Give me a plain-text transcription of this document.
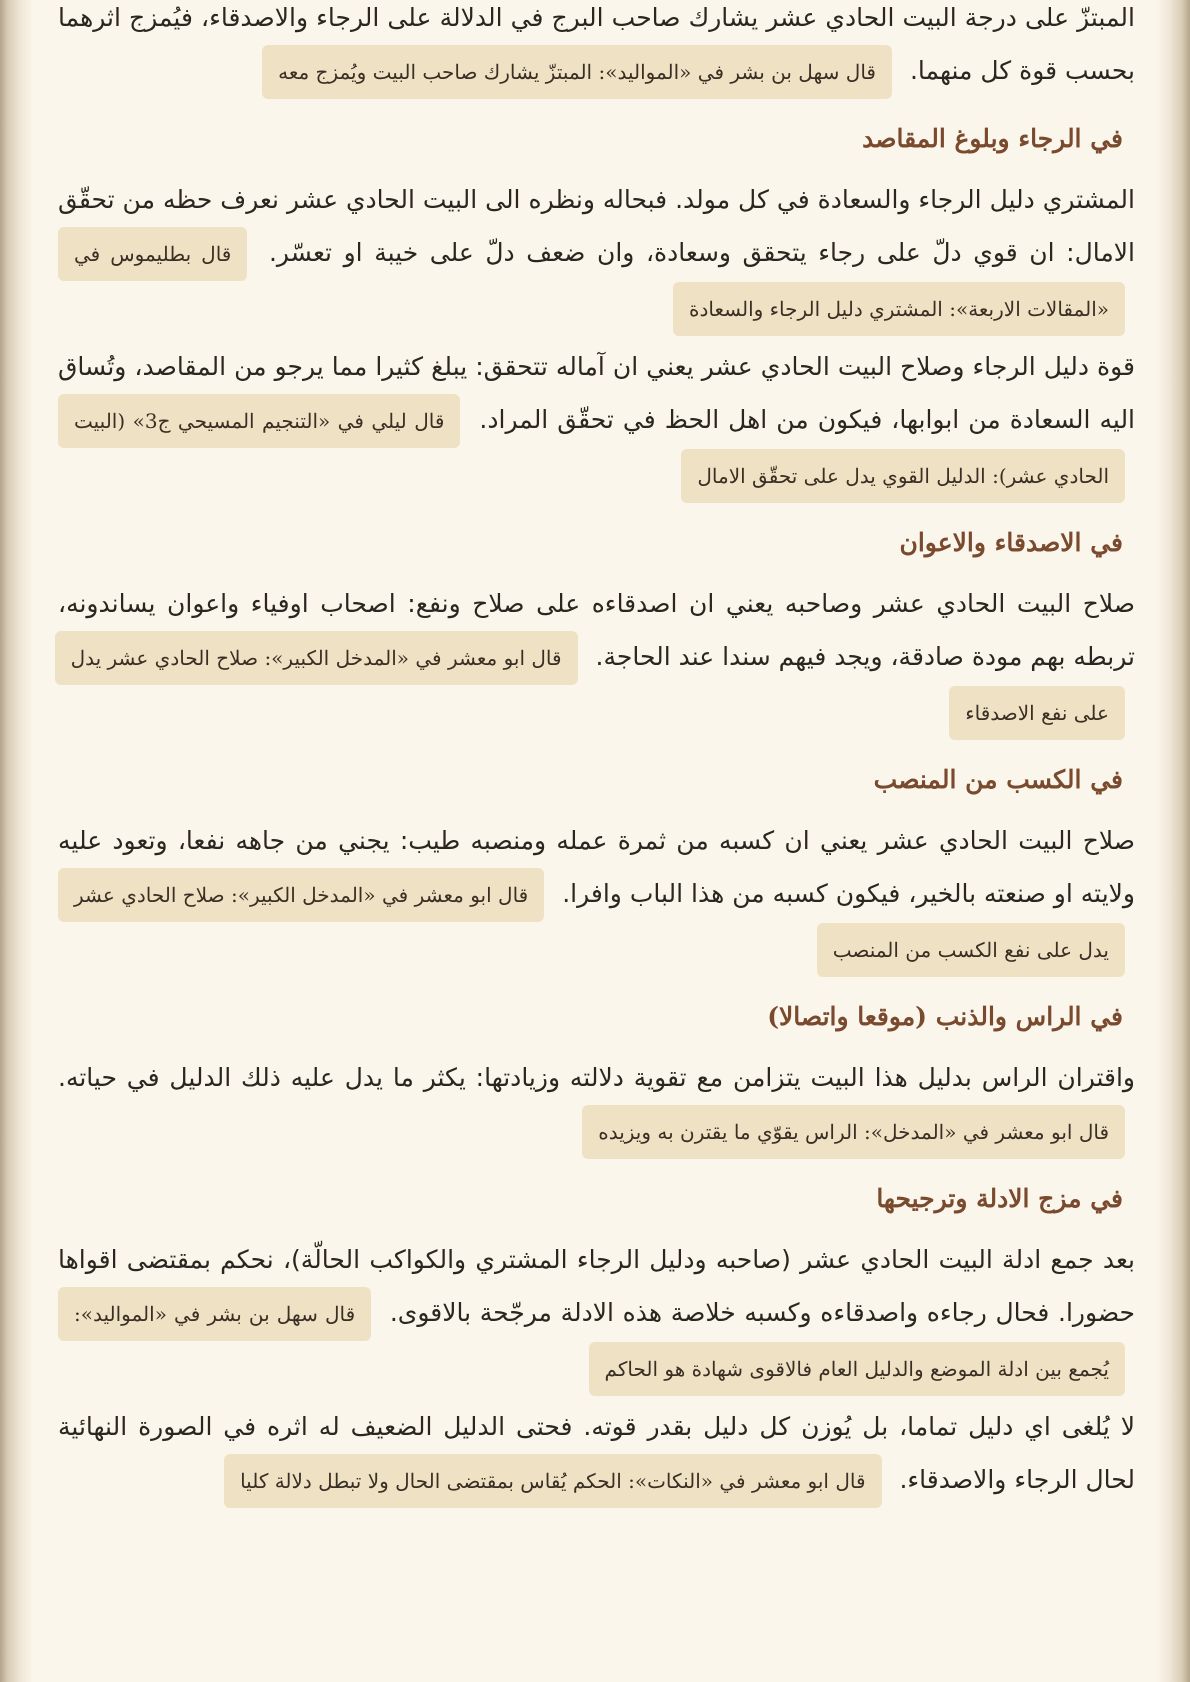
المبتزّ على درجة البيت الحادي عشر يشارك صاحب البرج في الدلالة على الرجاء والاصدقاء، فيُمزج اثرهما بحسب قوة كل منهما. قال سهل بن بشر في «المواليد»: المبتزّ يشارك صاحب البيت ويُمزج معه

في الرجاء وبلوغ المقاصد

المشتري دليل الرجاء والسعادة في كل مولد. فبحاله ونظره الى البيت الحادي عشر نعرف حظه من تحقّق الامال: ان قوي دلّ على رجاء يتحقق وسعادة، وان ضعف دلّ على خيبة او تعسّر. قال بطليموس في «المقالات الاربعة»: المشتري دليل الرجاء والسعادة

قوة دليل الرجاء وصلاح البيت الحادي عشر يعني ان آماله تتحقق: يبلغ كثيرا مما يرجو من المقاصد، وتُساق اليه السعادة من ابوابها، فيكون من اهل الحظ في تحقّق المراد. قال ليلي في «التنجيم المسيحي ج3» (البيت الحادي عشر): الدليل القوي يدل على تحقّق الامال

في الاصدقاء والاعوان

صلاح البيت الحادي عشر وصاحبه يعني ان اصدقاءه على صلاح ونفع: اصحاب اوفياء واعوان يساندونه، تربطه بهم مودة صادقة، ويجد فيهم سندا عند الحاجة. قال ابو معشر في «المدخل الكبير»: صلاح الحادي عشر يدل على نفع الاصدقاء

في الكسب من المنصب

صلاح البيت الحادي عشر يعني ان كسبه من ثمرة عمله ومنصبه طيب: يجني من جاهه نفعا، وتعود عليه ولايته او صنعته بالخير، فيكون كسبه من هذا الباب وافرا. قال ابو معشر في «المدخل الكبير»: صلاح الحادي عشر يدل على نفع الكسب من المنصب

في الراس والذنب (موقعا واتصالا)

واقتران الراس بدليل هذا البيت يتزامن مع تقوية دلالته وزيادتها: يكثر ما يدل عليه ذلك الدليل في حياته. قال ابو معشر في «المدخل»: الراس يقوّي ما يقترن به ويزيده

في مزج الادلة وترجيحها

بعد جمع ادلة البيت الحادي عشر (صاحبه ودليل الرجاء المشتري والكواكب الحالّة)، نحكم بمقتضى اقواها حضورا. فحال رجاءه واصدقاءه وكسبه خلاصة هذه الادلة مرجّحة بالاقوى. قال سهل بن بشر في «المواليد»: يُجمع بين ادلة الموضع والدليل العام فالاقوى شهادة هو الحاكم

لا يُلغى اي دليل تماما، بل يُوزن كل دليل بقدر قوته. فحتى الدليل الضعيف له اثره في الصورة النهائية لحال الرجاء والاصدقاء. قال ابو معشر في «النكات»: الحكم يُقاس بمقتضى الحال ولا تبطل دلالة كليا
